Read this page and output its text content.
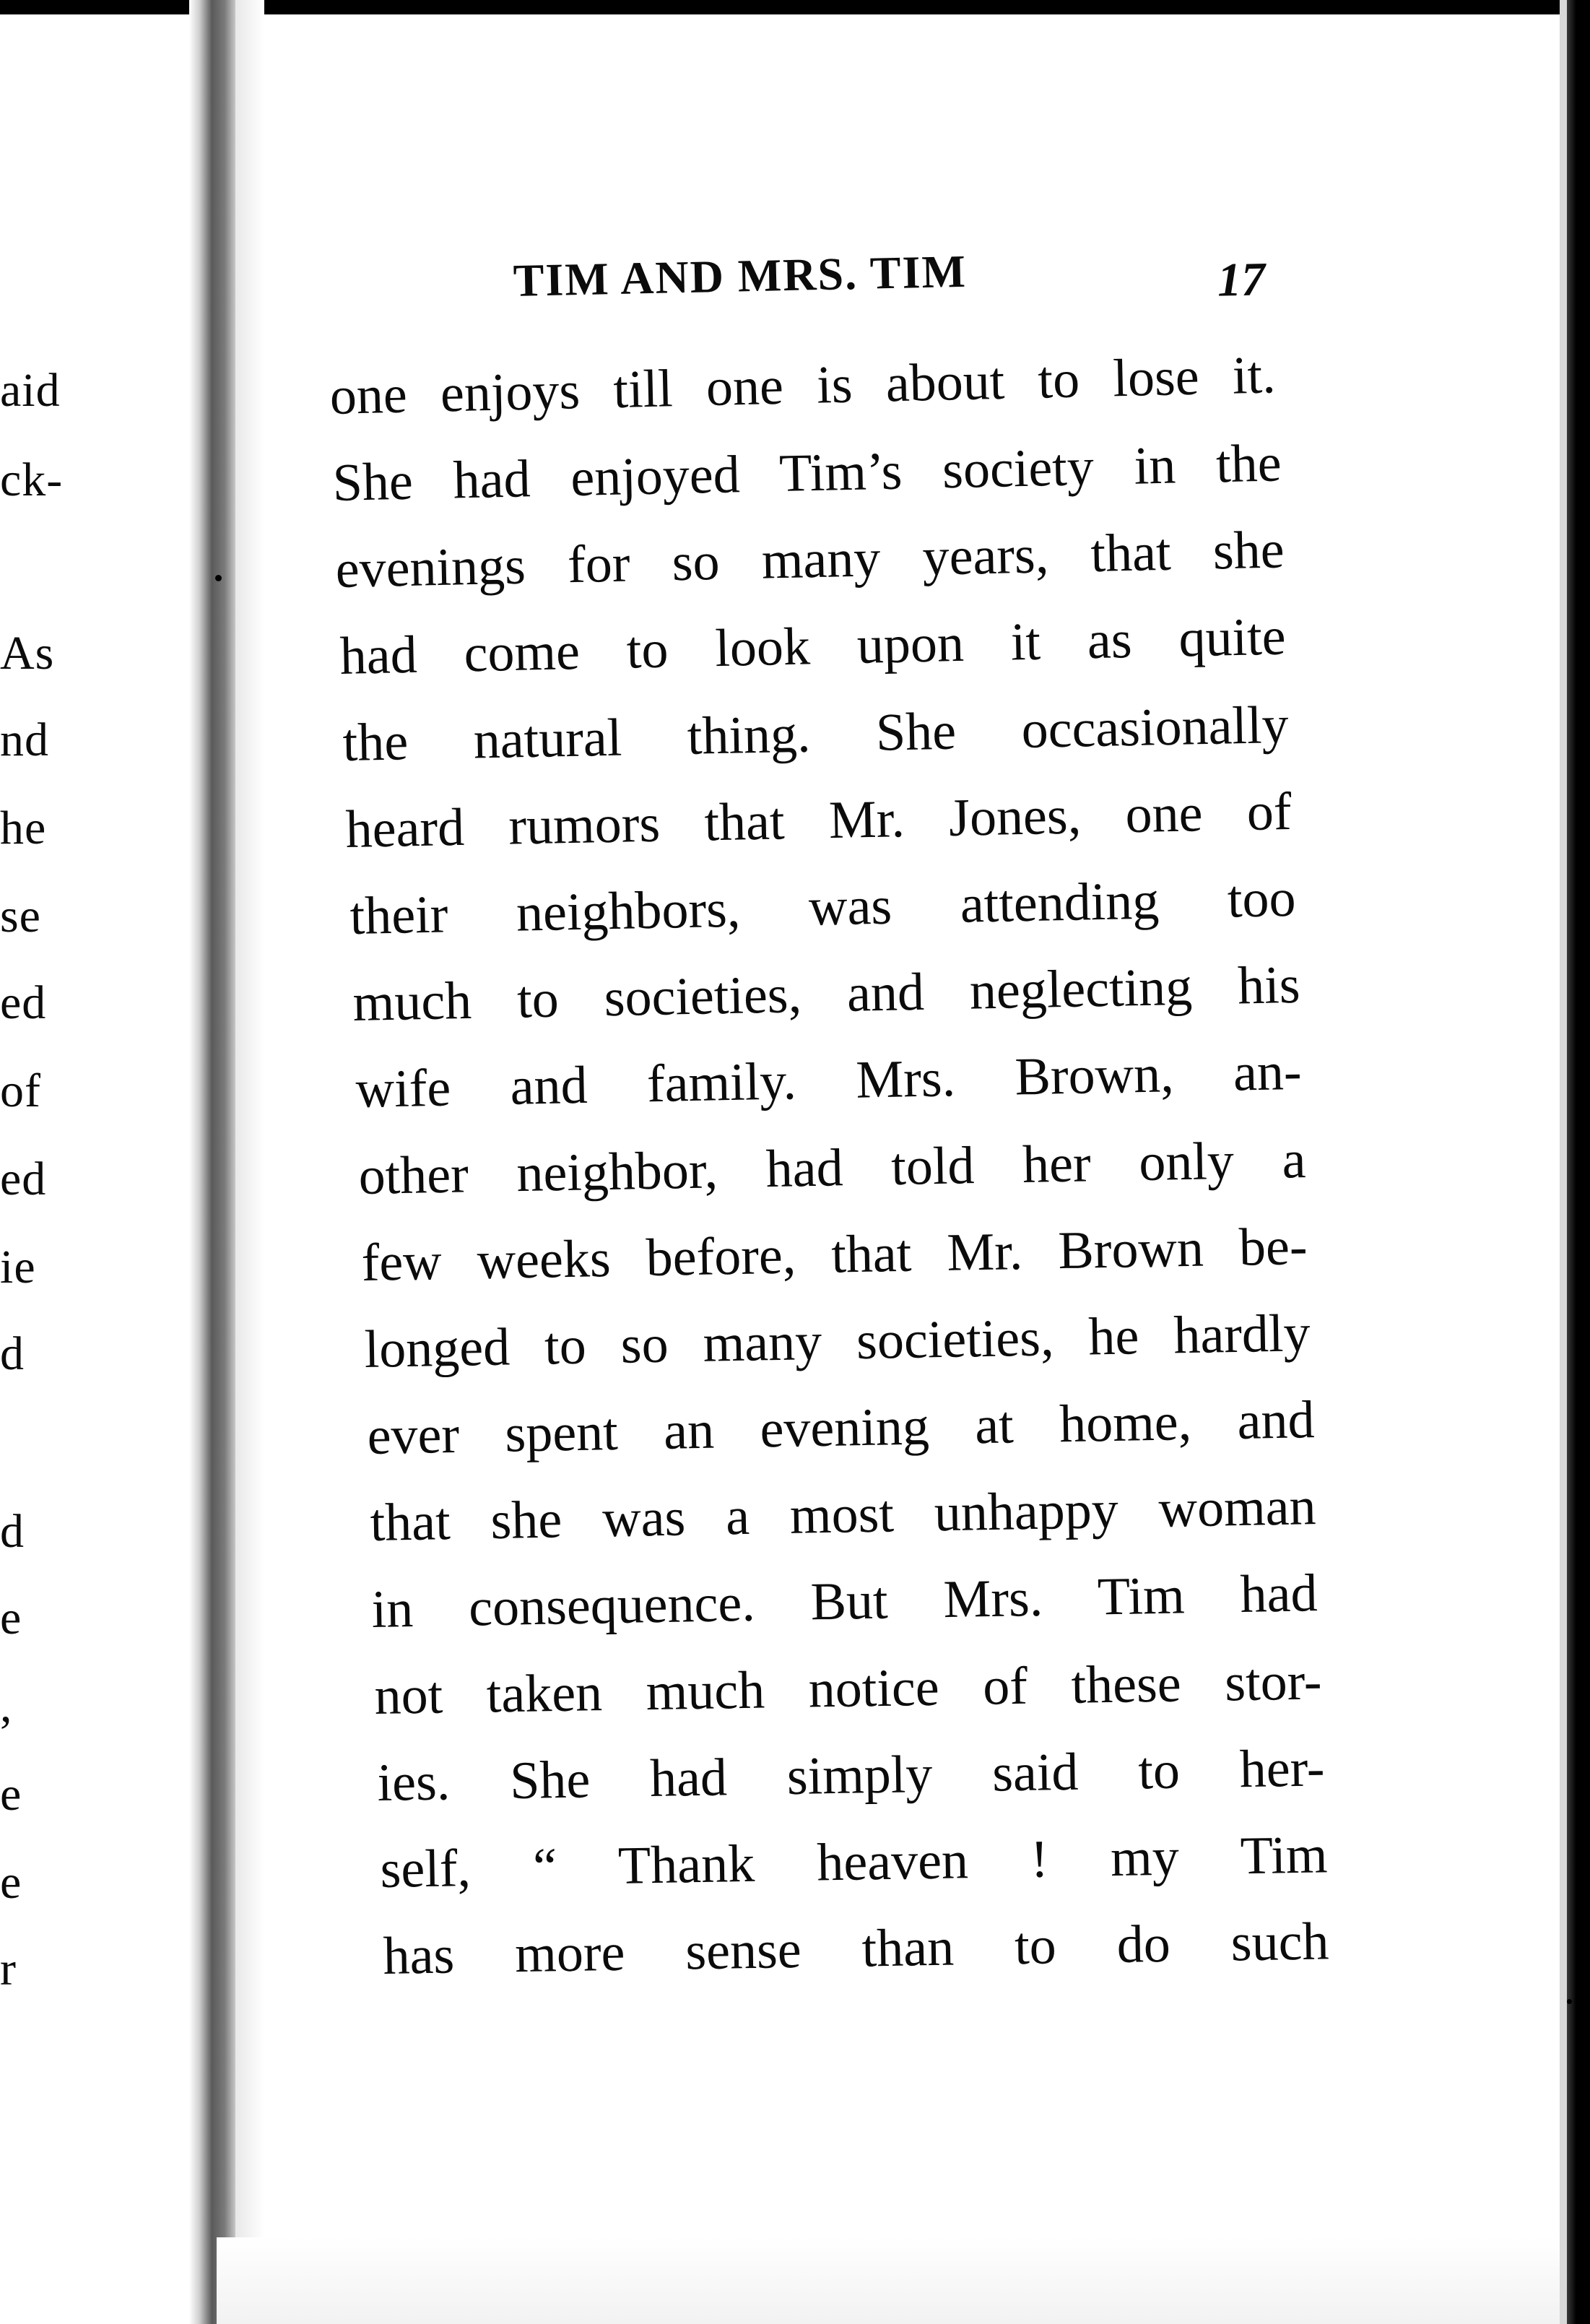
aid
ck-
As
nd
he
se
ed
of
ed
ie
d
d
e
,
e
e
r
TIM AND MRS. TIM	17
one enjoys till one is about to lose it.
She had enjoyed Tim’s society in the
evenings for so many years, that she
had come to look upon it as quite
the natural thing. She occasionally
heard rumors that Mr. Jones, one of
their neighbors, was attending too
much to societies, and neglecting his
wife and family. Mrs. Brown, an-
other neighbor, had told her only a
few weeks before, that Mr. Brown be-
longed to so many societies, he hardly
ever spent an evening at home, and
that she was a most unhappy woman
in consequence. But Mrs. Tim had
not taken much notice of these stor-
ies. She had simply said to her-
self, “ Thank heaven ! my Tim
has more sense than to do such
